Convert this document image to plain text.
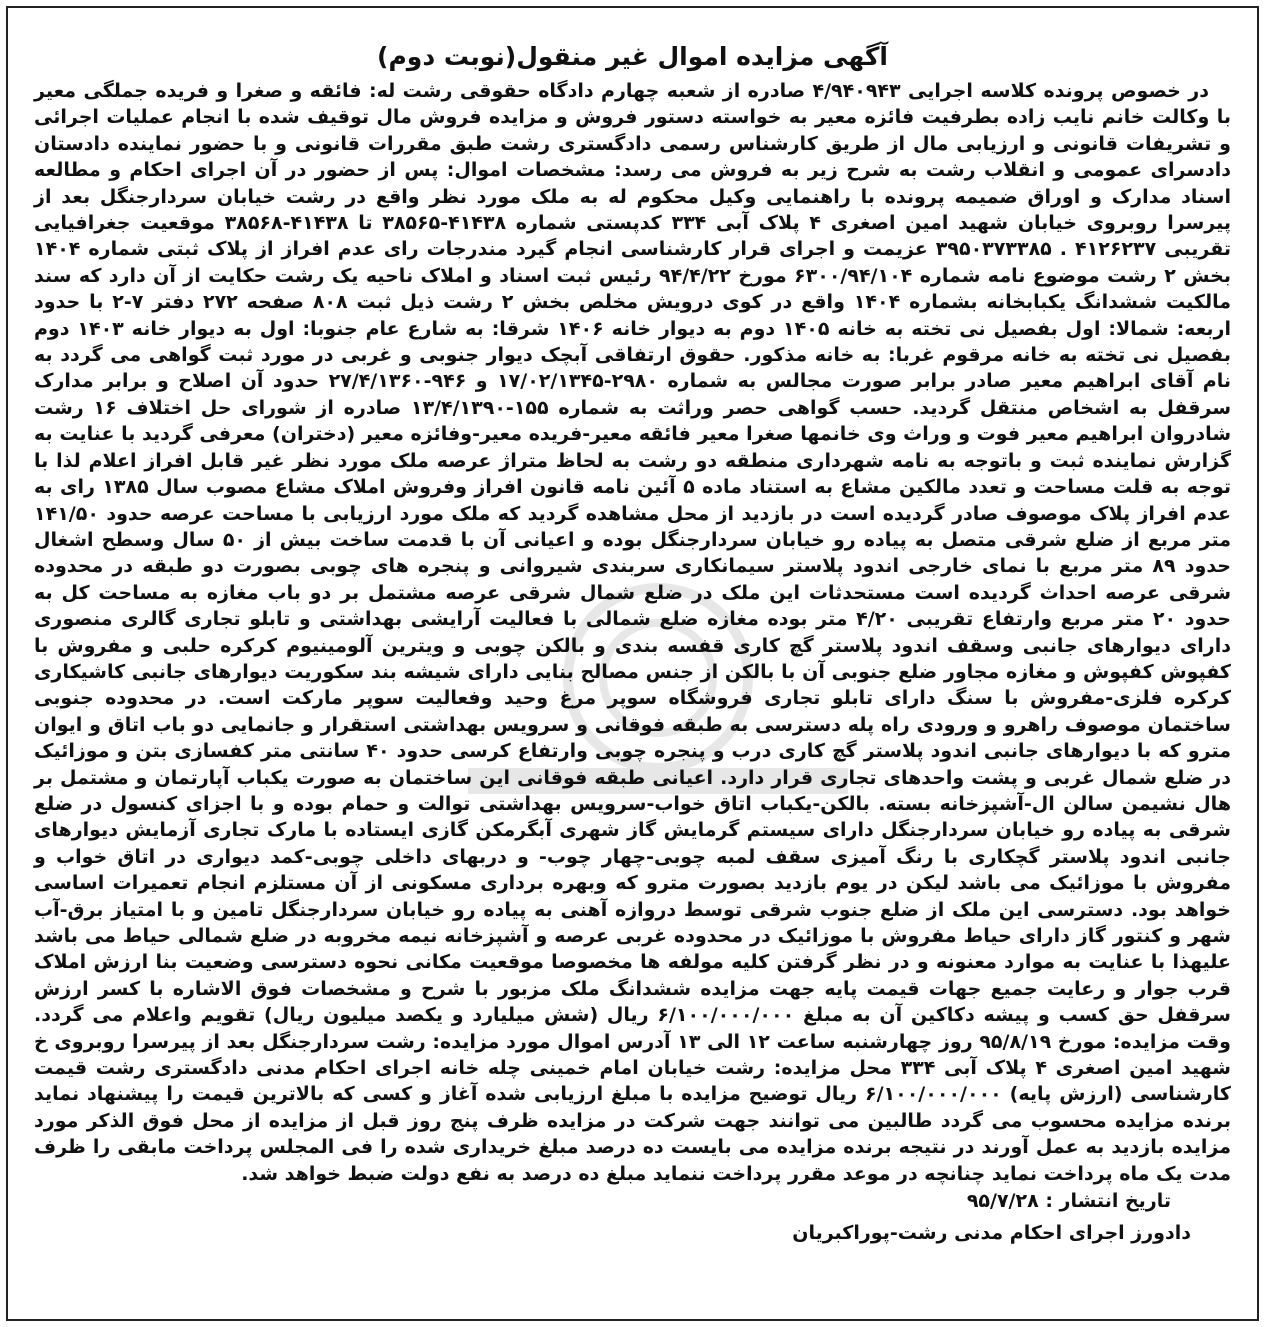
آگهی مزایده اموال غیر منقول(نوبت دوم)

در خصوص پرونده کلاسه اجرایی ۴/۹۴۰۹۴۳ صادره از شعبه چهارم دادگاه حقوقی رشت له: فائقه و صغرا و فریده جملگی معیر با وکالت خانم نایب زاده بطرفیت فائزه معیر به خواسته دستور فروش و مزایده فروش مال توقیف شده با انجام عملیات اجرائی و تشریفات قانونی و ارزیابی مال از طریق کارشناس رسمی دادگستری رشت طبق مقررات قانونی و با حضور نماینده دادستان دادسرای عمومی و انقلاب رشت به شرح زیر به فروش می رسد: مشخصات اموال: پس از حضور در آن اجرای احکام و مطالعه اسناد مدارک و اوراق ضمیمه پرونده با راهنمایی وکیل محکوم له به ملک مورد نظر واقع در رشت خیابان سردارجنگل بعد از پیرسرا روبروی خیابان شهید امین اصغری ۴ پلاک آبی ۳۳۴ کدپستی شماره ۴۱۴۳۸-۳۸۵۶۵ تا ۴۱۴۳۸-۳۸۵۶۸ موقعیت جغرافیایی تقریبی ۴۱۲۶۲۳۷ . ۳۹۵۰۳۷۳۳۸۵ عزیمت و اجرای قرار کارشناسی انجام گیرد مندرجات رای عدم افراز از پلاک ثبتی شماره ۱۴۰۴ بخش ۲ رشت موضوع نامه شماره ۶۳۰۰/۹۴/۱۰۴ مورخ ۹۴/۴/۲۲ رئیس ثبت اسناد و املاک ناحیه یک رشت حکایت از آن دارد که سند مالکیت ششدانگ یکبابخانه بشماره ۱۴۰۴ واقع در کوی درویش مخلص بخش ۲ رشت ذیل ثبت ۸۰۸ صفحه ۲۷۲ دفتر ۷-۲ با حدود اربعه: شمالا: اول بفصیل نی تخته به خانه ۱۴۰۵ دوم به دیوار خانه ۱۴۰۶ شرقا: به شارع عام جنوبا: اول به دیوار خانه ۱۴۰۳ دوم بفصیل نی تخته به خانه مرقوم غربا: به خانه مذکور. حقوق ارتفاقی آبچک دیوار جنوبی و غربی در مورد ثبت گواهی می گردد به نام آقای ابراهیم معیر صادر برابر صورت مجالس به شماره ۲۹۸۰-۱۷/۰۲/۱۳۴۵ و ۹۴۶-۲۷/۴/۱۳۶۰ حدود آن اصلاح و برابر مدارک سرقفل به اشخاص منتقل گردید. حسب گواهی حصر وراثت به شماره ۱۵۵-۱۳/۴/۱۳۹۰ صادره از شورای حل اختلاف ۱۶ رشت شادروان ابراهیم معیر فوت و وراث وی خانمها صغرا معیر فائقه معیر-فریده معیر-وفائزه معیر (دختران) معرفی گردید با عنایت به گزارش نماینده ثبت و باتوجه به نامه شهرداری منطقه دو رشت به لحاظ متراژ عرصه ملک مورد نظر غیر قابل افراز اعلام لذا با توجه به قلت مساحت و تعدد مالکین مشاع به استناد ماده ۵ آئین نامه قانون افراز وفروش املاک مشاع مصوب سال ۱۳۸۵ رای به عدم افراز پلاک موصوف صادر گردیده است در بازدید از محل مشاهده گردید که ملک مورد ارزیابی با مساحت عرصه حدود ۱۴۱/۵۰ متر مربع از ضلع شرقی متصل به پیاده رو خیابان سردارجنگل بوده و اعیانی آن با قدمت ساخت بیش از ۵۰ سال وسطح اشغال حدود ۸۹ متر مربع با نمای خارجی اندود پلاستر سیمانکاری سربندی شیروانی و پنجره های چوبی بصورت دو طبقه در محدوده شرقی عرصه احداث گردیده است مستحدثات این ملک در ضلع شمال شرقی عرصه مشتمل بر دو باب مغازه به مساحت کل به حدود ۲۰ متر مربع وارتفاع تقریبی ۴/۲۰ متر بوده مغازه ضلع شمالی با فعالیت آرایشی بهداشتی و تابلو تجاری گالری منصوری دارای دیوارهای جانبی وسقف اندود پلاستر گچ کاری قفسه بندی و بالکن چوبی و ویترین آلومینیوم کرکره حلبی و مفروش با کفپوش کفپوش و مغازه مجاور ضلع جنوبی آن با بالکن از جنس مصالح بنایی دارای شیشه بند سکوریت دیوارهای جانبی کاشیکاری کرکره فلزی-مفروش با سنگ دارای تابلو تجاری فروشگاه سوپر مرغ وحید وفعالیت سوپر مارکت است. در محدوده جنوبی ساختمان موصوف راهرو و ورودی راه پله دسترسی به طبقه فوقانی و سرویس بهداشتی استقرار و جانمایی دو باب اتاق و ایوان مترو که با دیوارهای جانبی اندود پلاستر گچ کاری درب و پنجره چوبی وارتفاع کرسی حدود ۴۰ سانتی متر کفسازی بتن و موزائیک در ضلع شمال غربی و پشت واحدهای تجاری قرار دارد. اعیانی طبقه فوقانی این ساختمان به صورت یکباب آپارتمان و مشتمل بر هال نشیمن سالن ال-آشپزخانه بسته. بالکن-یکباب اتاق خواب-سرویس بهداشتی توالت و حمام بوده و با اجزای کنسول در ضلع شرقی به پیاده رو خیابان سردارجنگل دارای سیستم گرمایش گاز شهری آبگرمکن گازی ایستاده با مارک تجاری آزمایش دیوارهای جانبی اندود پلاستر گچکاری با رنگ آمیزی سقف لمبه چوبی-چهار چوب- و دربهای داخلی چوبی-کمد دیواری در اتاق خواب و مفروش با موزائیک می باشد لیکن در یوم بازدید بصورت مترو که وبهره برداری مسکونی از آن مستلزم انجام تعمیرات اساسی خواهد بود. دسترسی این ملک از ضلع جنوب شرقی توسط دروازه آهنی به پیاده رو خیابان سردارجنگل تامین و با امتیاز برق-آب شهر و کنتور گاز دارای حیاط مفروش با موزائیک در محدوده غربی عرصه و آشپزخانه نیمه مخروبه در ضلع شمالی حیاط می باشد علیهذا با عنایت به موارد معنونه و در نظر گرفتن کلیه مولفه ها مخصوصا موقعیت مکانی نحوه دسترسی وضعیت بنا ارزش املاک قرب جوار و رعایت جمیع جهات قیمت پایه جهت مزایده ششدانگ ملک مزبور با شرح و مشخصات فوق الاشاره با کسر ارزش سرقفل حق کسب و پیشه دکاکین آن به مبلغ ۶/۱۰۰/۰۰۰/۰۰۰ ریال (شش میلیارد و یکصد میلیون ریال) تقویم واعلام می گردد. وقت مزایده: مورخ ۹۵/۸/۱۹ روز چهارشنبه ساعت ۱۲ الی ۱۳ آدرس اموال مورد مزایده: رشت سردارجنگل بعد از پیرسرا روبروی خ شهید امین اصغری ۴ پلاک آبی ۳۳۴ محل مزایده: رشت خیابان امام خمینی چله خانه اجرای احکام مدنی دادگستری رشت قیمت کارشناسی (ارزش پایه) ۶/۱۰۰/۰۰۰/۰۰۰ ریال توضیح مزایده با مبلغ ارزیابی شده آغاز و کسی که بالاترین قیمت را پیشنهاد نماید برنده مزایده محسوب می گردد طالبین می توانند جهت شرکت در مزایده ظرف پنج روز قبل از مزایده از محل فوق الذکر مورد مزایده بازدید به عمل آورند در نتیجه برنده مزایده می بایست ده درصد مبلغ خریداری شده را فی المجلس پرداخت مابقی را ظرف مدت یک ماه پرداخت نماید چنانچه در موعد مقرر پرداخت ننماید مبلغ ده درصد به نفع دولت ضبط خواهد شد.

تاریخ انتشار : ۹۵/۷/۲۸
دادورز اجرای احکام مدنی رشت-پوراکبریان
